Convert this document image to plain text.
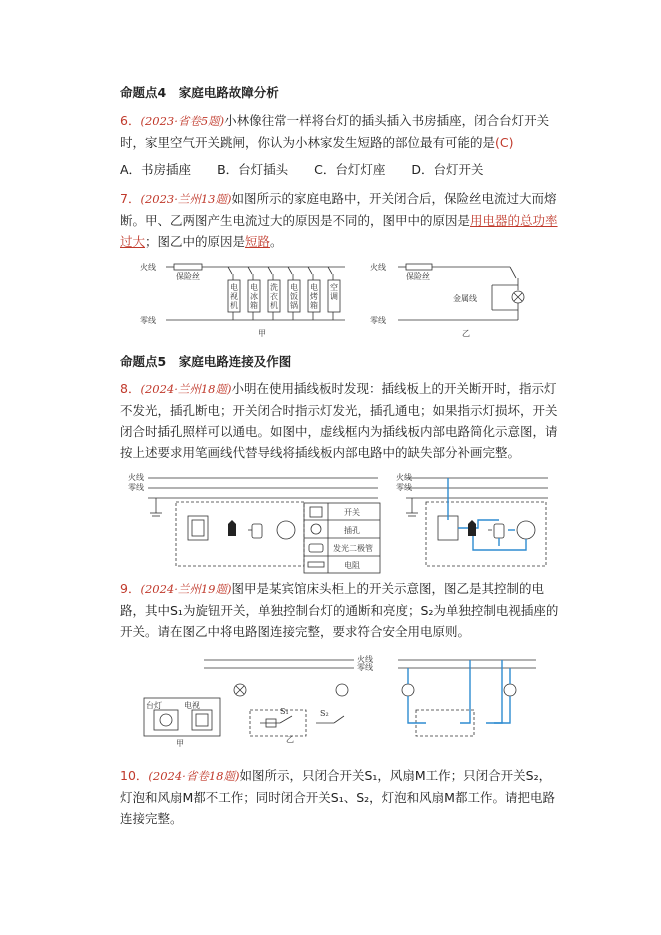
命题点4　家庭电路故障分析
6．(2023·省卷5题)小林像往常一样将台灯的插头插入书房插座，闭合台灯开关时，家里空气开关跳闸，你认为小林家发生短路的部位最有可能的是(C)
A．书房插座 B．台灯插头 C．台灯灯座 D．台灯开关
7．(2023·兰州13题)如图所示的家庭电路中，开关闭合后，保险丝电流过大而熔断。甲、乙两图产生电流过大的原因是不同的，图甲中的原因是用电器的总功率过大；图乙中的原因是短路。
电
视
机
电
冰
箱
洗
衣
机
电
饭
锅
电
烤
箱
空
调
火线
零线
保险丝
甲
火线
零线
保险丝
金属线
乙
命题点5　家庭电路连接及作图
8．(2024·兰州18题)小明在使用插线板时发现：插线板上的开关断开时，指示灯不发光，插孔断电；开关闭合时指示灯发光，插孔通电；如果指示灯损坏，开关闭合时插孔照样可以通电。如图中，虚线框内为插线板内部电路简化示意图，请按上述要求用笔画线代替导线将插线板内部电路中的缺失部分补画完整。
火线
零线
开关
插孔
发光二极管
电阻
火线
零线
9．(2024·兰州19题)图甲是某宾馆床头柜上的开关示意图，图乙是其控制的电路，其中S₁为旋钮开关，单独控制台灯的通断和亮度；S₂为单独控制电视插座的开关。请在图乙中将电路图连接完整，要求符合安全用电原则。
台灯	电视
甲	乙
火线
零线
S₁	S₂
10．(2024·省卷18题)如图所示，只闭合开关S₁，风扇M工作；只闭合开关S₂，灯泡和风扇M都不工作；同时闭合开关S₁、S₂，灯泡和风扇M都工作。请把电路连接完整。
